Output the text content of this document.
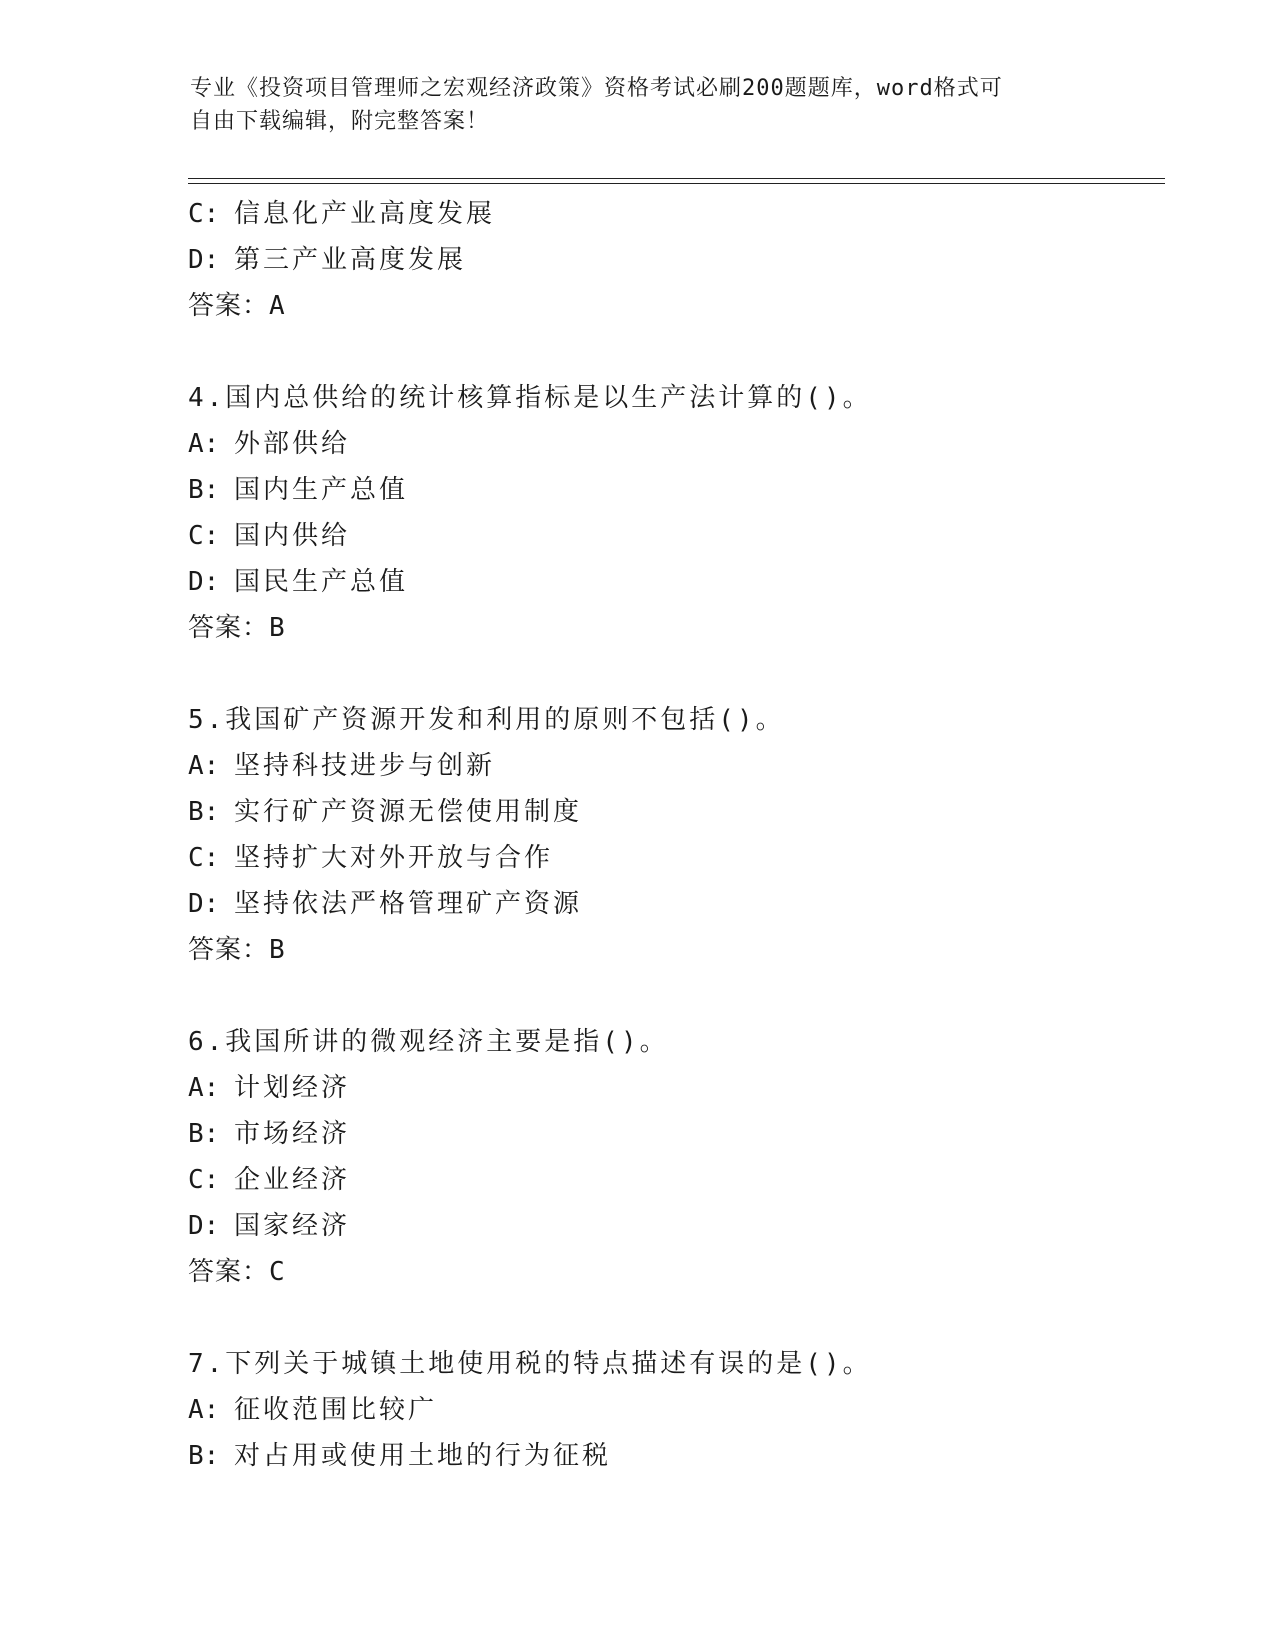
专业《投资项目管理师之宏观经济政策》资格考试必刷200题题库，word格式可
自由下载编辑，附完整答案！
C: 信息化产业高度发展
D: 第三产业高度发展
答案：A
4.国内总供给的统计核算指标是以生产法计算的()。
A: 外部供给
B: 国内生产总值
C: 国内供给
D: 国民生产总值
答案：B
5.我国矿产资源开发和利用的原则不包括()。
A: 坚持科技进步与创新
B: 实行矿产资源无偿使用制度
C: 坚持扩大对外开放与合作
D: 坚持依法严格管理矿产资源
答案：B
6.我国所讲的微观经济主要是指()。
A: 计划经济
B: 市场经济
C: 企业经济
D: 国家经济
答案：C
7.下列关于城镇土地使用税的特点描述有误的是()。
A: 征收范围比较广
B: 对占用或使用土地的行为征税
